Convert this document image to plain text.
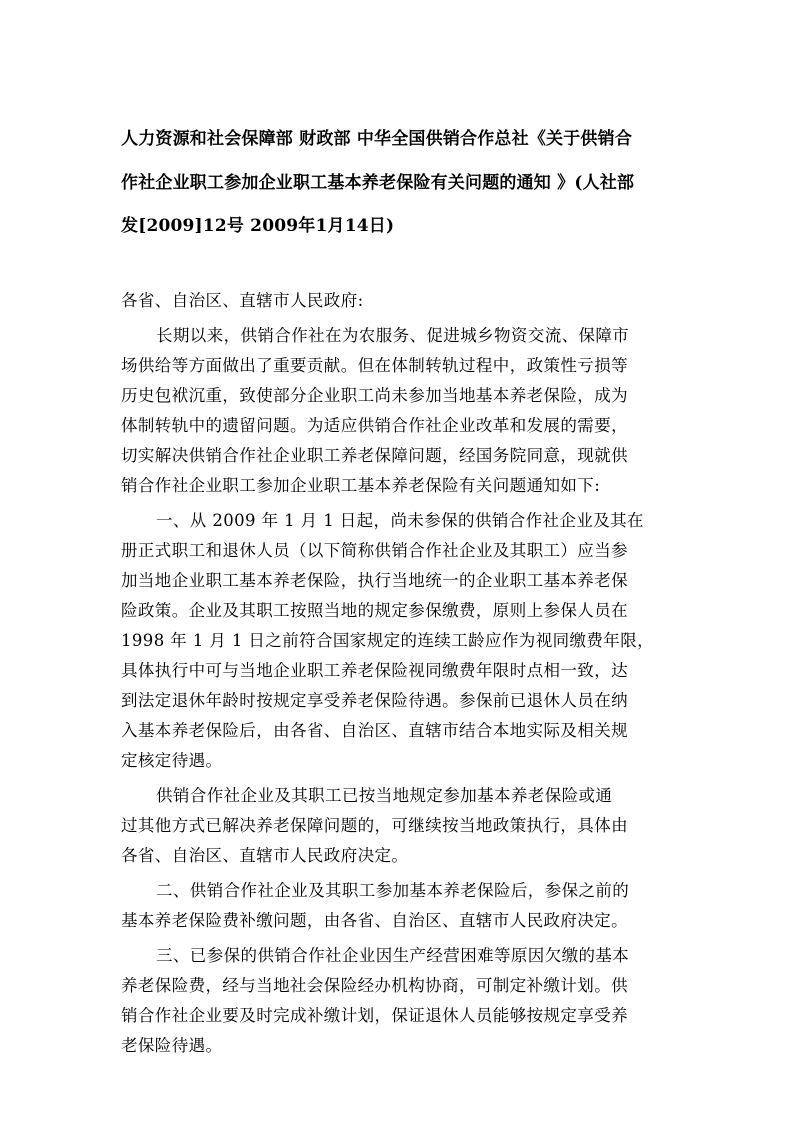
人力资源和社会保障部 财政部 中华全国供销合作总社《关于供销合
作社企业职工参加企业职工基本养老保险有关问题的通知 》(人社部
发[2009]12号 2009年1月14日)
各省、自治区、直辖市人民政府:
长期以来，供销合作社在为农服务、促进城乡物资交流、保障市
场供给等方面做出了重要贡献。但在体制转轨过程中，政策性亏损等
历史包袱沉重，致使部分企业职工尚未参加当地基本养老保险，成为
体制转轨中的遗留问题。为适应供销合作社企业改革和发展的需要，
切实解决供销合作社企业职工养老保障问题，经国务院同意，现就供
销合作社企业职工参加企业职工基本养老保险有关问题通知如下:
一、从 2009 年 1 月 1 日起，尚未参保的供销合作社企业及其在
册正式职工和退休人员（以下简称供销合作社企业及其职工）应当参
加当地企业职工基本养老保险，执行当地统一的企业职工基本养老保
险政策。企业及其职工按照当地的规定参保缴费，原则上参保人员在
1998 年 1 月 1 日之前符合国家规定的连续工龄应作为视同缴费年限，
具体执行中可与当地企业职工养老保险视同缴费年限时点相一致，达
到法定退休年龄时按规定享受养老保险待遇。参保前已退休人员在纳
入基本养老保险后，由各省、自治区、直辖市结合本地实际及相关规
定核定待遇。
供销合作社企业及其职工已按当地规定参加基本养老保险或通
过其他方式已解决养老保障问题的，可继续按当地政策执行，具体由
各省、自治区、直辖市人民政府决定。
二、供销合作社企业及其职工参加基本养老保险后，参保之前的
基本养老保险费补缴问题，由各省、自治区、直辖市人民政府决定。
三、已参保的供销合作社企业因生产经营困难等原因欠缴的基本
养老保险费，经与当地社会保险经办机构协商，可制定补缴计划。供
销合作社企业要及时完成补缴计划，保证退休人员能够按规定享受养
老保险待遇。
